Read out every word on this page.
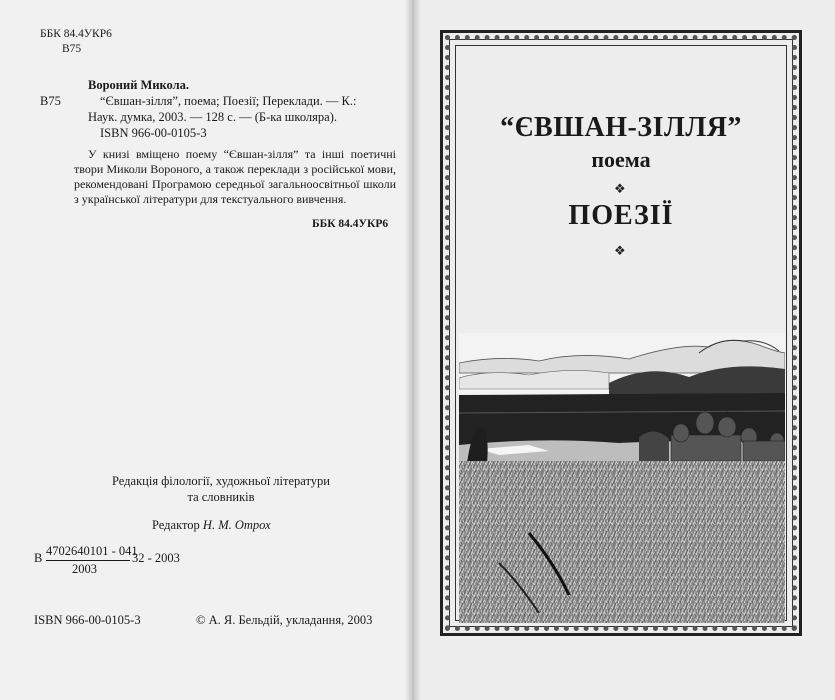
ББК 84.4УКР6
В75
В75
Вороний Микола.
“Євшан-зілля”, поема; Поезії; Переклади. — К.:
Наук. думка, 2003. — 128 с. — (Б-ка школяра).
ISBN 966-00-0105-3
У книзі вміщено поему “Євшан-зілля” та інші поетичні твори Миколи Вороного, а також переклади з російської мови, рекомендовані Програмою середньої загальноосвітньої школи з української літератури для текстуального вивчення.
ББК 84.4УКР6
Редакція філології, художньої літератури
та словників
Редактор Н. М. Отрох
В 4702640101 - 041
2003
32 - 2003
ISBN 966-00-0105-3	© А. Я. Бельдій, укладання, 2003
“ЄВШАН-ЗІЛЛЯ”
поема
❖
ПОЕЗІЇ
❖
